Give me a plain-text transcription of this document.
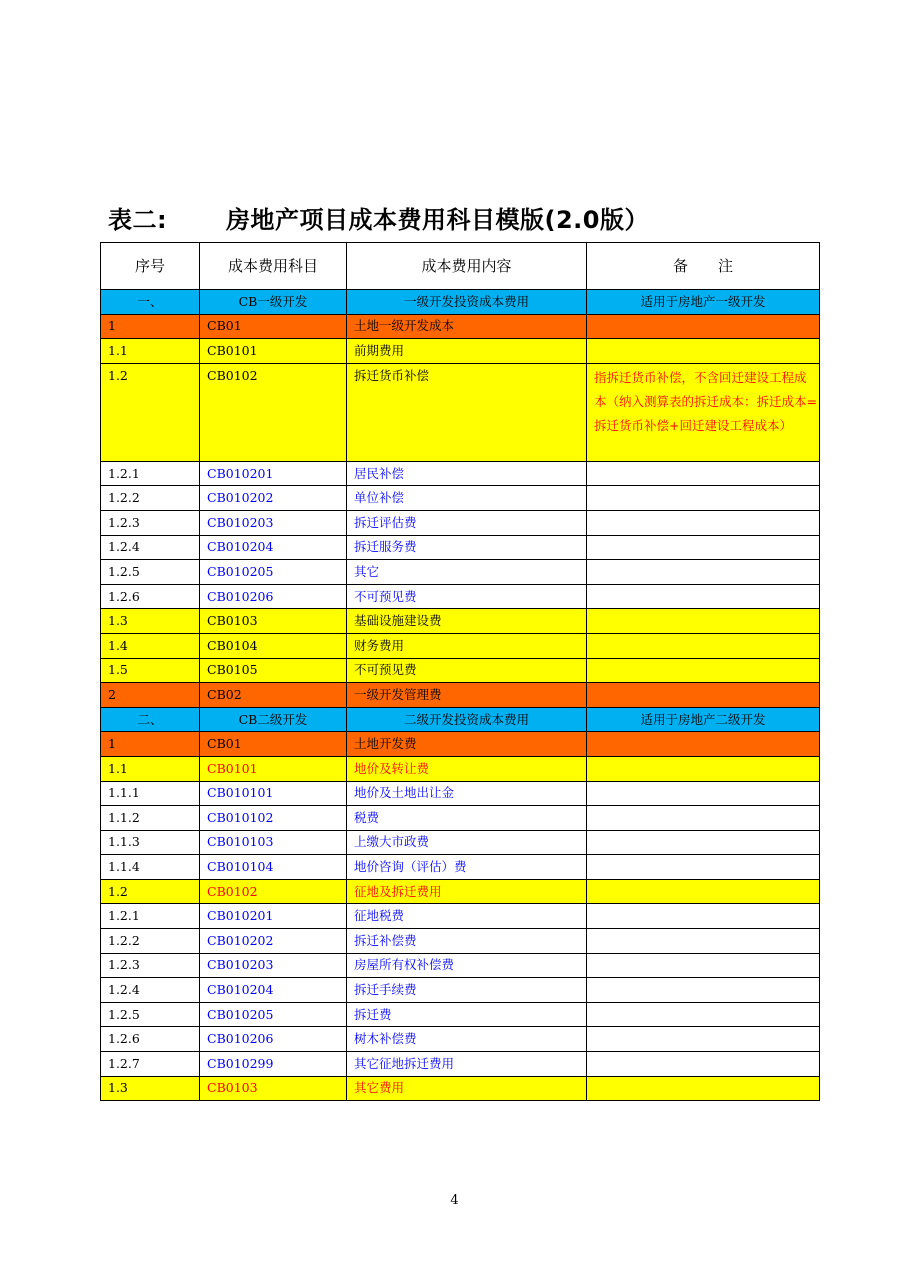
表二: 房地产项目成本费用科目模版(2.0版）
序号	成本费用科目	成本费用内容	备　　注
一、	CB一级开发	一级开发投资成本费用	适用于房地产一级开发
1	CB01	土地一级开发成本	
1.1	CB0101	前期费用	
1.2	CB0102	拆迁货币补偿	指拆迁货币补偿，不含回迁建设工程成本（纳入测算表的拆迁成本：拆迁成本=拆迁货币补偿+回迁建设工程成本）
1.2.1	CB010201	居民补偿	
1.2.2	CB010202	单位补偿	
1.2.3	CB010203	拆迁评估费	
1.2.4	CB010204	拆迁服务费	
1.2.5	CB010205	其它	
1.2.6	CB010206	不可预见费	
1.3	CB0103	基础设施建设费	
1.4	CB0104	财务费用	
1.5	CB0105	不可预见费	
2	CB02	一级开发管理费	
二、	CB二级开发	二级开发投资成本费用	适用于房地产二级开发
1	CB01	土地开发费	
1.1	CB0101	地价及转让费	
1.1.1	CB010101	地价及土地出让金	
1.1.2	CB010102	税费	
1.1.3	CB010103	上缴大市政费	
1.1.4	CB010104	地价咨询（评估）费	
1.2	CB0102	征地及拆迁费用	
1.2.1	CB010201	征地税费	
1.2.2	CB010202	拆迁补偿费	
1.2.3	CB010203	房屋所有权补偿费	
1.2.4	CB010204	拆迁手续费	
1.2.5	CB010205	拆迁费	
1.2.6	CB010206	树木补偿费	
1.2.7	CB010299	其它征地拆迁费用	
1.3	CB0103	其它费用	
4
